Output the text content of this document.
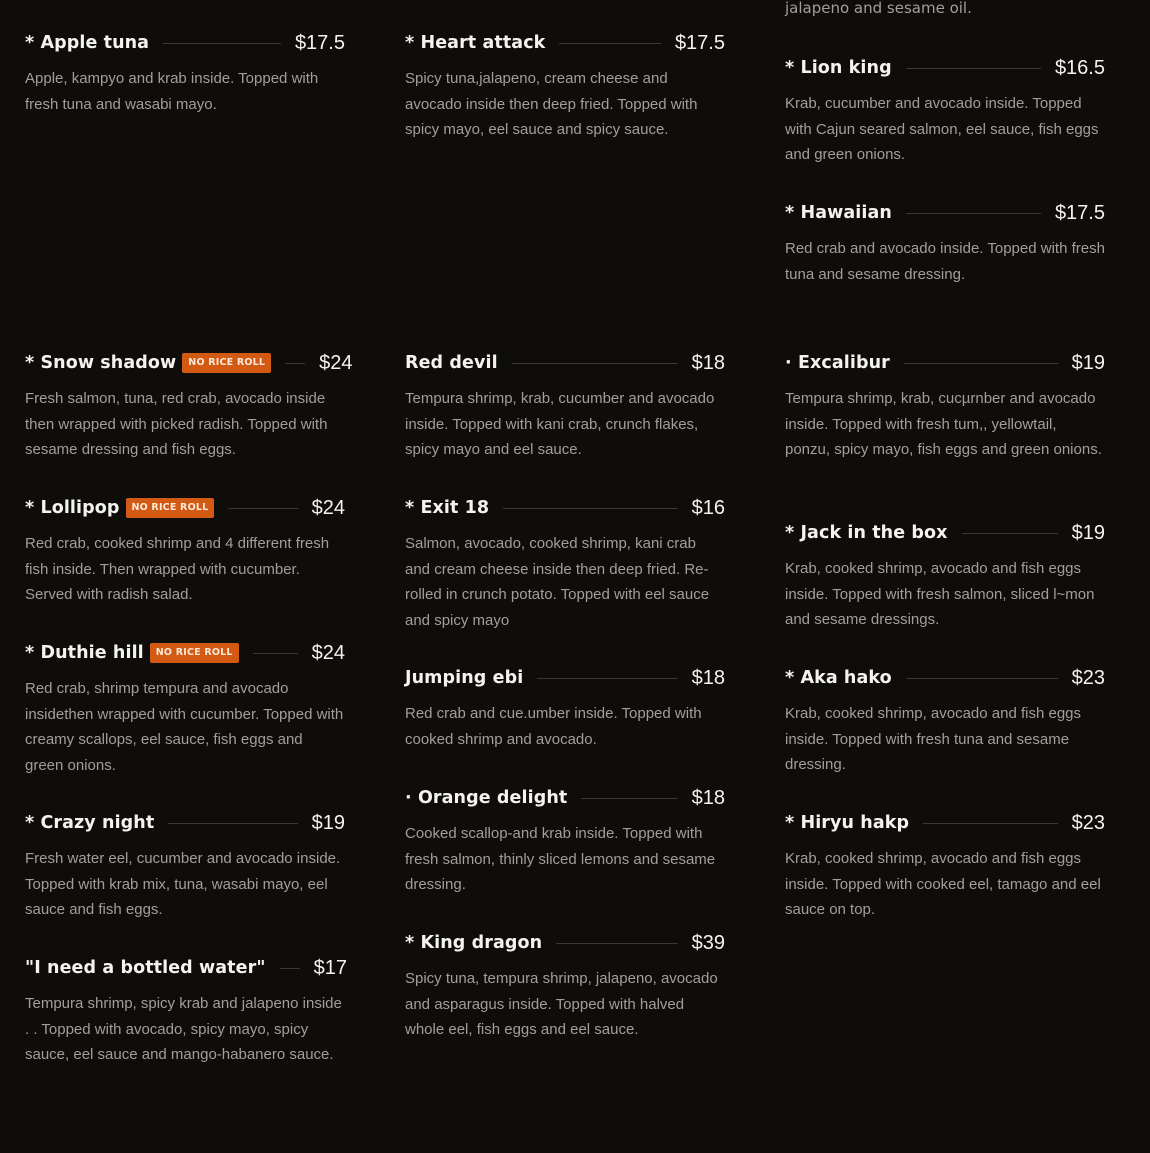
jalapeno and sesame oil.
* Apple tuna	$17.5
Apple, kampyo and krab inside. Topped with fresh tuna and wasabi mayo.
* Heart attack	$17.5
Spicy tuna,jalapeno, cream cheese and avocado inside then deep fried. Topped with spicy mayo, eel sauce and spicy sauce.
* Lion king	$16.5
Krab, cucumber and avocado inside. Topped with Cajun seared salmon, eel sauce, fish eggs and green onions.
* Hawaiian	$17.5
Red crab and avocado inside. Topped with fresh tuna and sesame dressing.
* Snow shadow	NO RICE ROLL	$24
Fresh salmon, tuna, red crab, avocado inside then wrapped with picked radish. Topped with sesame dressing and fish eggs.
Red devil	$18
Tempura shrimp, krab, cucumber and avocado inside. Topped with kani crab, crunch flakes, spicy mayo and eel sauce.
· Excalibur	$19
Tempura shrimp, krab, cucµrnber and avocado inside. Topped with fresh tum,, yellowtail, ponzu, spicy mayo, fish eggs and green onions.
* Lollipop	NO RICE ROLL	$24
Red crab, cooked shrimp and 4 different fresh fish inside. Then wrapped with cucumber. Served with radish salad.
* Exit 18	$16
Salmon, avocado, cooked shrimp, kani crab and cream cheese inside then deep fried. Re-rolled in crunch potato. Topped with eel sauce and spicy mayo
* Jack in the box	$19
Krab, cooked shrimp, avocado and fish eggs inside. Topped with fresh salmon, sliced l~mon and sesame dressings.
* Duthie hill	NO RICE ROLL	$24
Red crab, shrimp tempura and avocado insidethen wrapped with cucumber. Topped with creamy scallops, eel sauce, fish eggs and green onions.
Jumping ebi	$18
Red crab and cue.umber inside. Topped with cooked shrimp and avocado.
* Aka hako	$23
Krab, cooked shrimp, avocado and fish eggs inside. Topped with fresh tuna and sesame dressing.
· Orange delight	$18
Cooked scallop-and krab inside. Topped with fresh salmon, thinly sliced lemons and sesame dressing.
* Crazy night	$19
Fresh water eel, cucumber and avocado inside. Topped with krab mix, tuna, wasabi mayo, eel sauce and fish eggs.
* Hiryu hakp	$23
Krab, cooked shrimp, avocado and fish eggs inside. Topped with cooked eel, tamago and eel sauce on top.
* King dragon	$39
Spicy tuna, tempura shrimp, jalapeno, avocado and asparagus inside. Topped with halved whole eel, fish eggs and eel sauce.
"I need a bottled water" $17
Tempura shrimp, spicy krab and jalapeno inside . . Topped with avocado, spicy mayo, spicy sauce, eel sauce and mango-habanero sauce.
